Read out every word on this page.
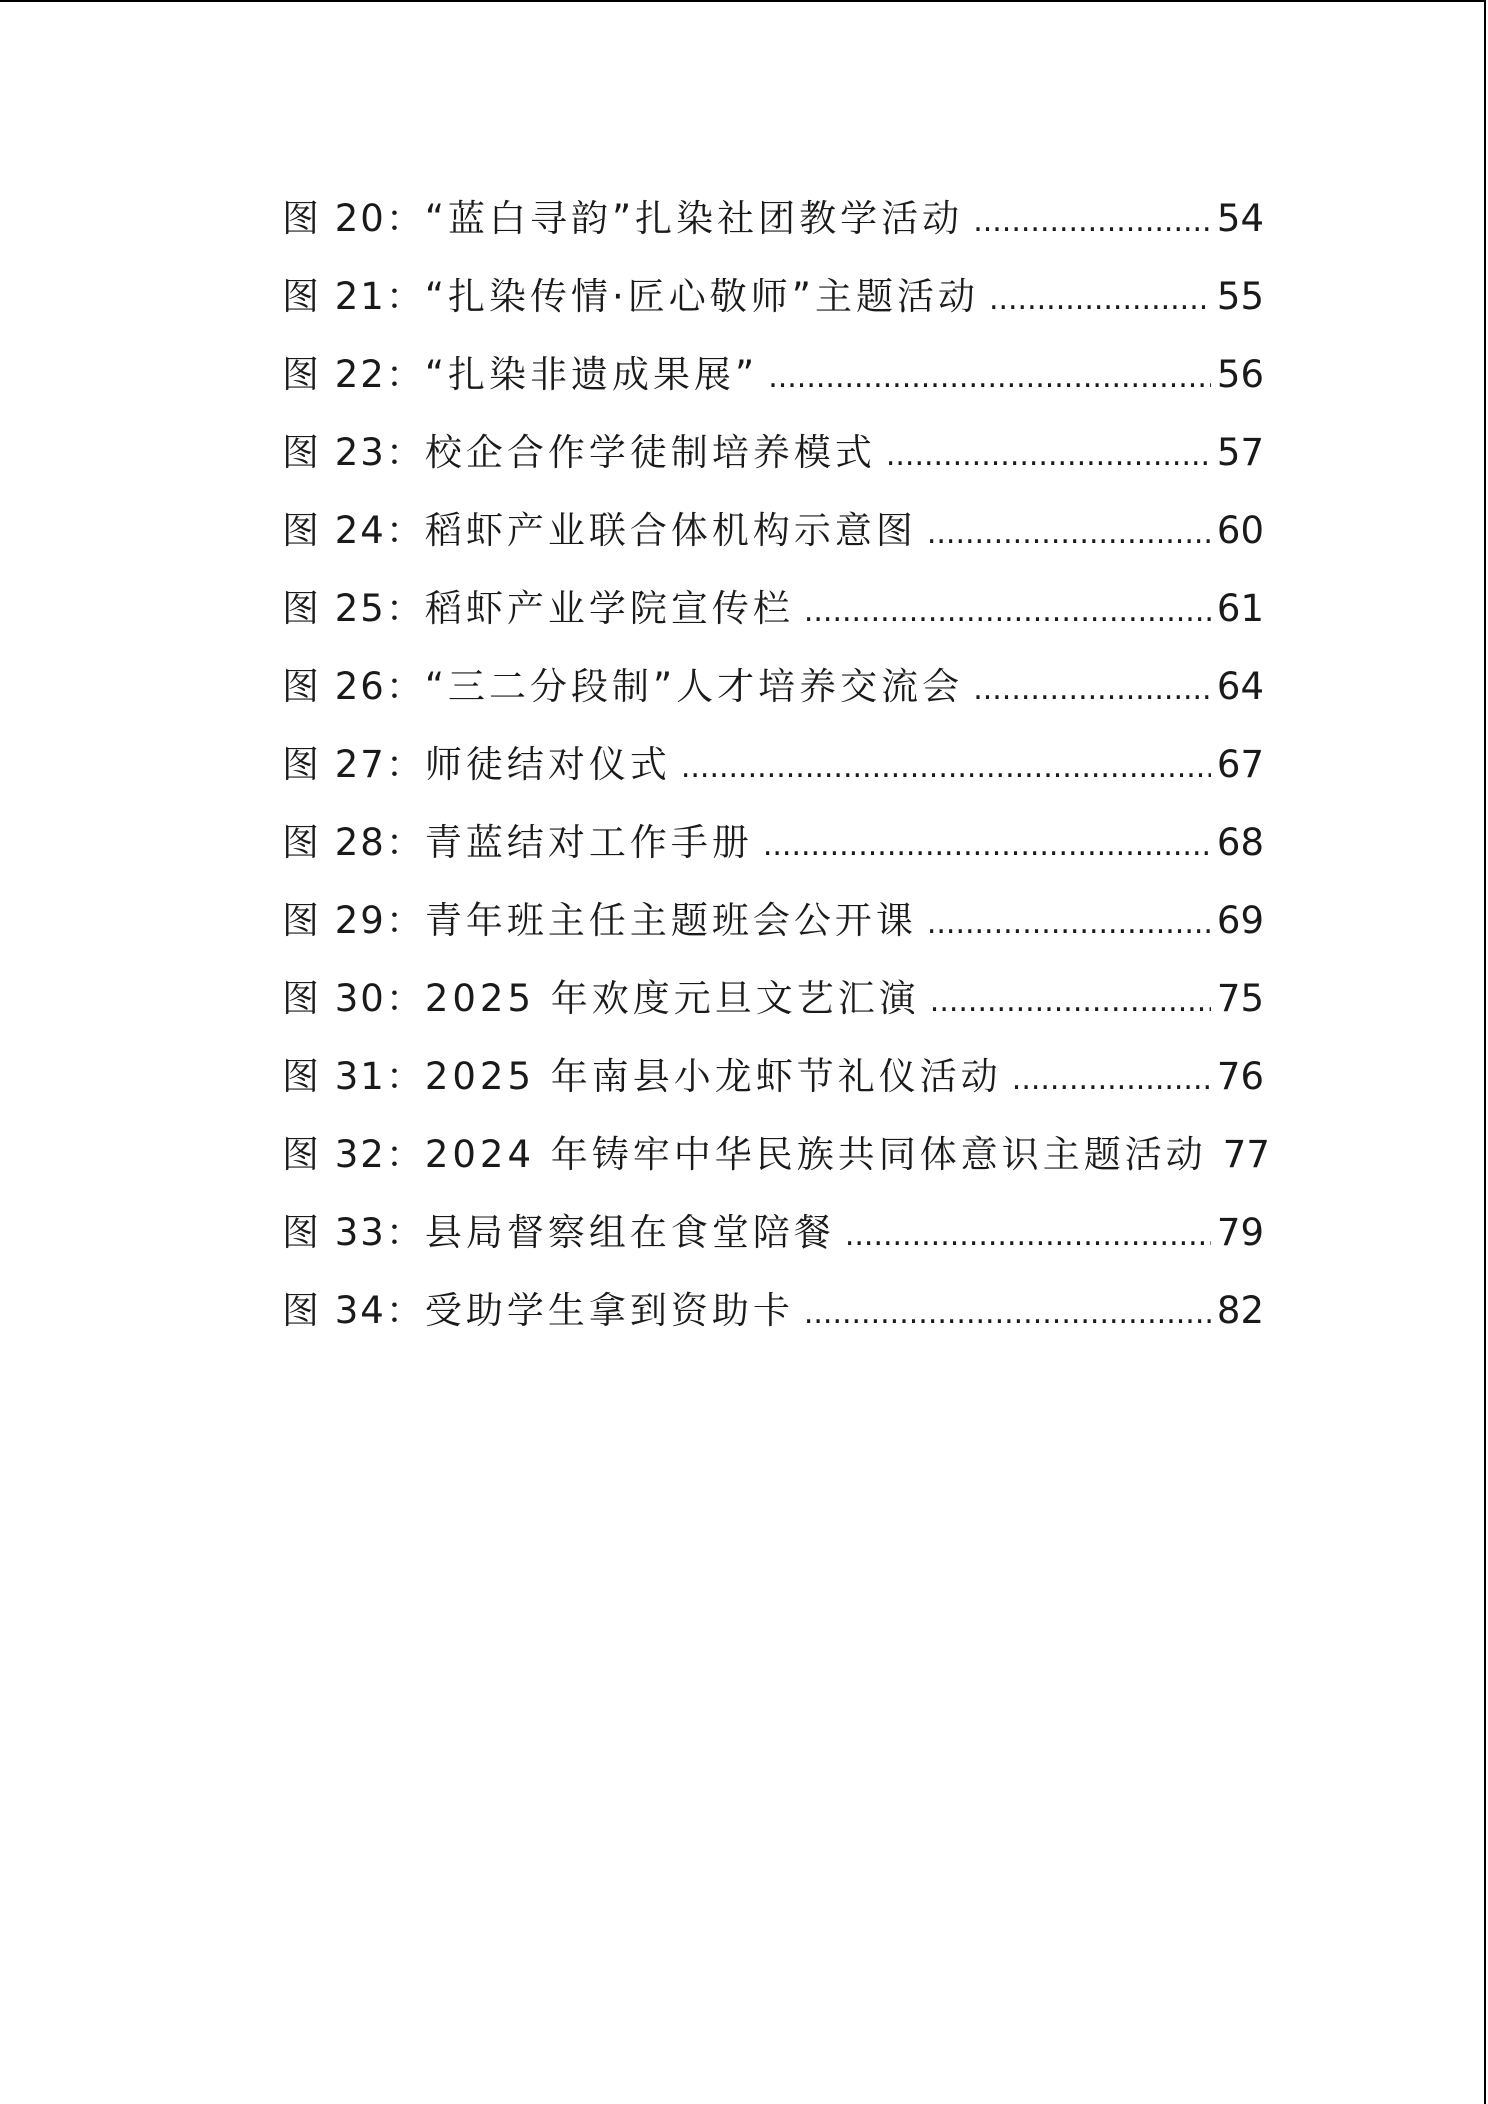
图 20： “蓝白寻韵”扎染社团教学活动 .....	54
图 21： “扎染传情·匠心敬师”主题活动 .....	55
图 22： “扎染非遗成果展” .....	56
图 23： 校企合作学徒制培养模式 .....	57
图 24： 稻虾产业联合体机构示意图 .....	60
图 25： 稻虾产业学院宣传栏 .....	61
图 26： “三二分段制”人才培养交流会 .....	64
图 27： 师徒结对仪式 .....	67
图 28： 青蓝结对工作手册 .....	68
图 29： 青年班主任主题班会公开课 .....	69
图 30： 2025 年欢度元旦文艺汇演 .....	75
图 31： 2025 年南县小龙虾节礼仪活动 .....	76
图 32： 2024 年铸牢中华民族共同体意识主题活动 77
图 33： 县局督察组在食堂陪餐 .....	79
图 34： 受助学生拿到资助卡 .....	82
